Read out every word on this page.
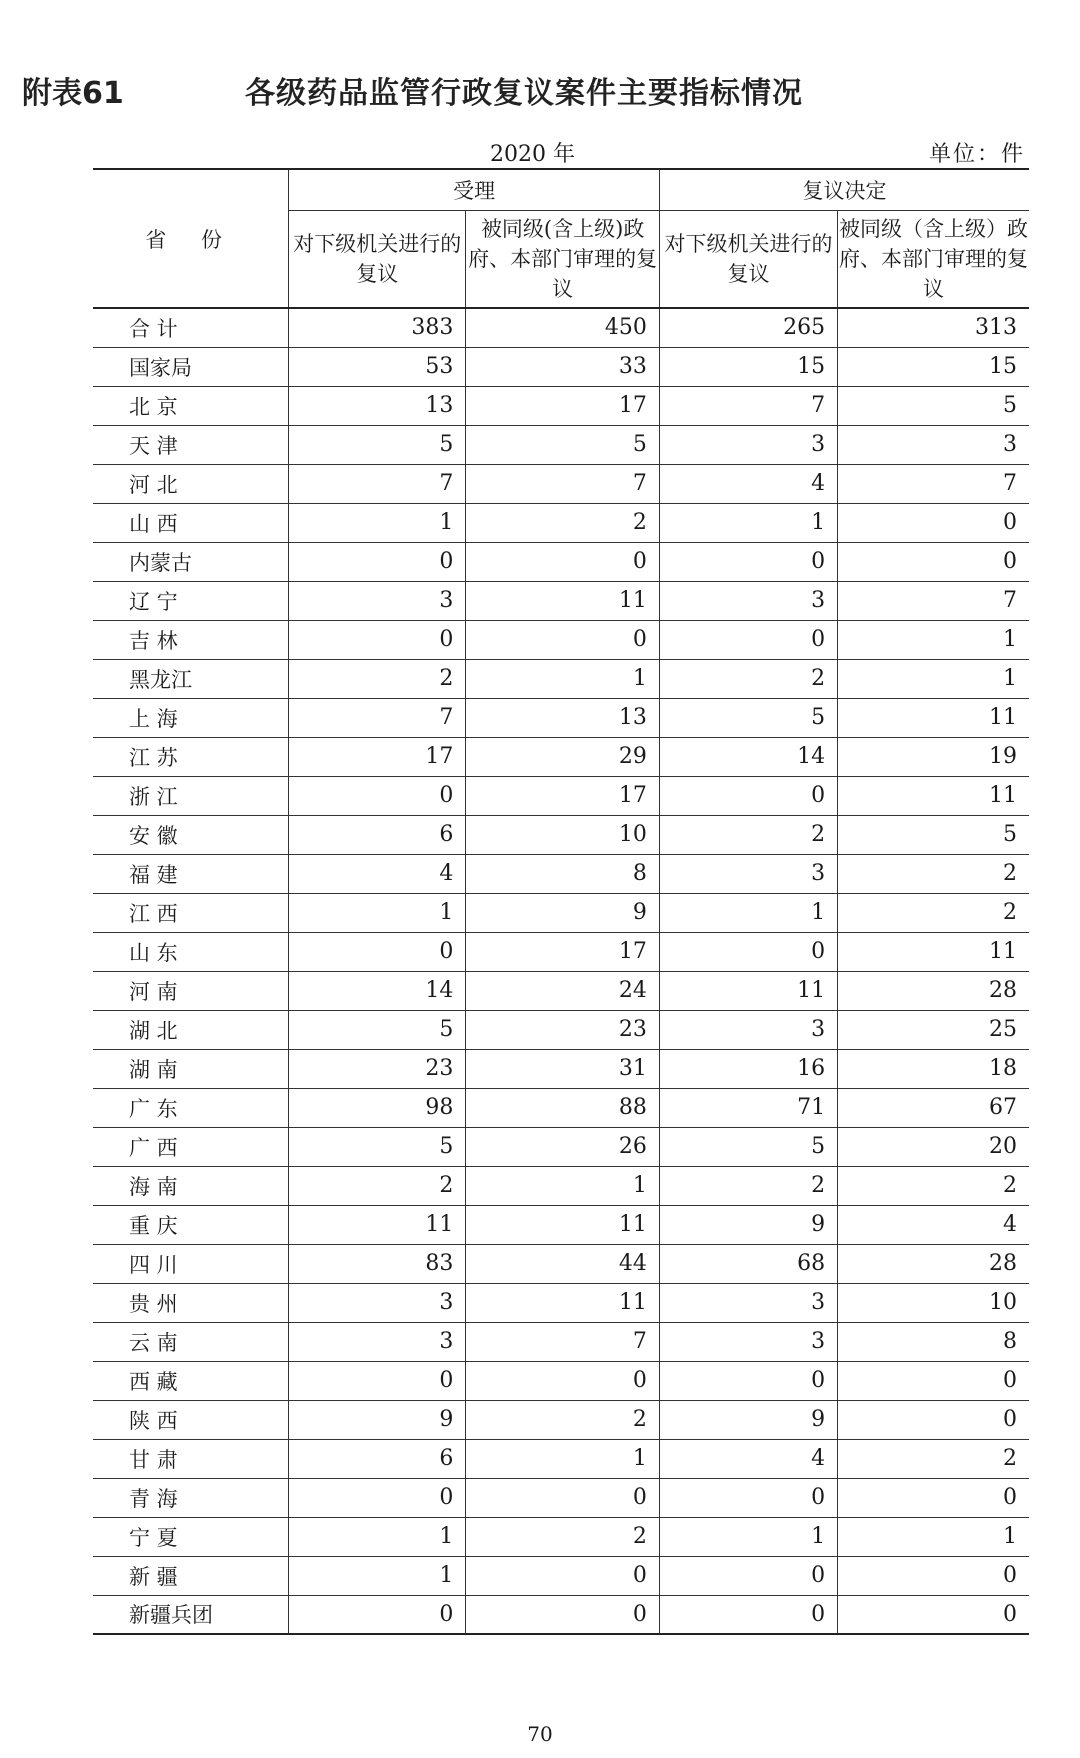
附表61	各级药品监管行政复议案件主要指标情况
2020 年	单位：件
省 份	受理		复议决定	
	对下级机关进行的复议	被同级(含上级)政府、本部门审理的复议	对下级机关进行的复议	被同级（含上级）政府、本部门审理的复议
合 计	383	450	265	313
国家局	53	33	15	15
北 京	13	17	7	5
天 津	5	5	3	3
河 北	7	7	4	7
山 西	1	2	1	0
内蒙古	0	0	0	0
辽 宁	3	11	3	7
吉 林	0	0	0	1
黑龙江	2	1	2	1
上 海	7	13	5	11
江 苏	17	29	14	19
浙 江	0	17	0	11
安 徽	6	10	2	5
福 建	4	8	3	2
江 西	1	9	1	2
山 东	0	17	0	11
河 南	14	24	11	28
湖 北	5	23	3	25
湖 南	23	31	16	18
广 东	98	88	71	67
广 西	5	26	5	20
海 南	2	1	2	2
重 庆	11	11	9	4
四 川	83	44	68	28
贵 州	3	11	3	10
云 南	3	7	3	8
西 藏	0	0	0	0
陕 西	9	2	9	0
甘 肃	6	1	4	2
青 海	0	0	0	0
宁 夏	1	2	1	1
新 疆	1	0	0	0
新疆兵团	0	0	0	0
70
